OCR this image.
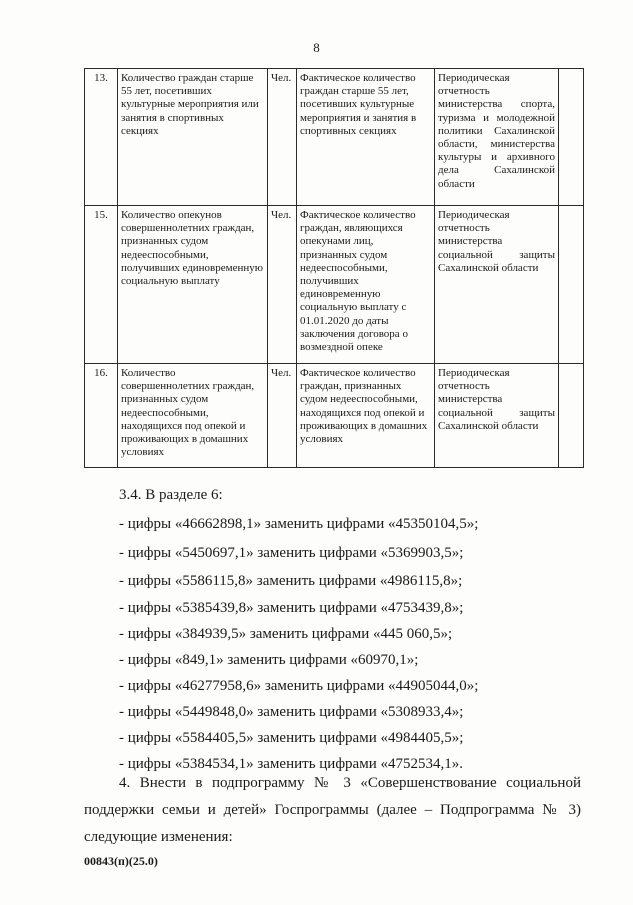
8
13.	Количество граждан старше 55 лет, посетивших культурные мероприятия или занятия в спортивных секциях	Чел.	Фактическое количество граждан старше 55 лет, посетивших культурные мероприятия и занятия в спортивных секциях	Периодическая отчетность министерства спорта, туризма и молодежной политики Сахалинской области, министерства культуры и архивного дела Сахалинской области	
15.	Количество опекунов совершеннолетних граждан, признанных судом недееспособными, получивших единовременную социальную выплату	Чел.	Фактическое количество граждан, являющихся опекунами лиц, признанных судом недееспособными, получивших единовременную социальную выплату с 01.01.2020 до даты заключения договора о возмездной опеке	Периодическая отчетность министерства социальной защиты Сахалинской области	
16.	Количество совершеннолетних граждан, признанных судом недееспособными, находящихся под опекой и проживающих в домашних условиях	Чел.	Фактическое количество граждан, признанных судом недееспособными, находящихся под опекой и проживающих в домашних условиях	Периодическая отчетность министерства социальной защиты Сахалинской области	
3.4. В разделе 6:
- цифры «46662898,1» заменить цифрами «45350104,5»;
- цифры «5450697,1» заменить цифрами «5369903,5»;
- цифры «5586115,8» заменить цифрами «4986115,8»;
- цифры «5385439,8» заменить цифрами «4753439,8»;
- цифры «384939,5» заменить цифрами «445 060,5»;
- цифры «849,1» заменить цифрами «60970,1»;
- цифры «46277958,6» заменить цифрами «44905044,0»;
- цифры «5449848,0» заменить цифрами «5308933,4»;
- цифры «5584405,5» заменить цифрами «4984405,5»;
- цифры «5384534,1» заменить цифрами «4752534,1».
4. Внести в подпрограмму № 3 «Совершенствование социальной поддержки семьи и детей» Госпрограммы (далее – Подпрограмма № 3) следующие изменения:
00843(п)(25.0)
